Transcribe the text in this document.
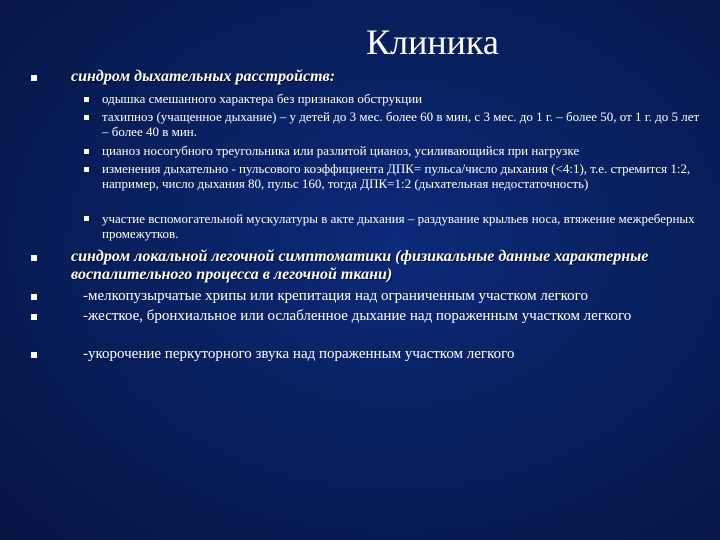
Клиника
синдром дыхательных расстройств:
одышка смешанного характера без признаков обструкции
тахипноэ (учащенное дыхание) – у детей до 3 мес. более 60 в мин, с 3 мес. до 1 г. – более 50, от 1 г. до 5 лет – более 40 в мин.
цианоз носогубного треугольника или разлитой цианоз, усиливающийся при нагрузке
изменения дыхательно - пульсового коэффициента ДПК= пульса/число дыхания (<4:1), т.е. стремится 1:2, например, число дыхания 80, пульс 160, тогда ДПК=1:2 (дыхательная недостаточность)
участие вспомогательной мускулатуры в акте дыхания – раздувание крыльев носа, втяжение межреберных промежутков.
синдром локальной легочной симптоматики (физикальные данные характерные воспалительного процесса в легочной ткани)
-мелкопузырчатые хрипы или крепитация над ограниченным участком легкого
-жесткое, бронхиальное или ослабленное дыхание над пораженным участком легкого
-укорочение перкуторного звука над пораженным участком легкого
